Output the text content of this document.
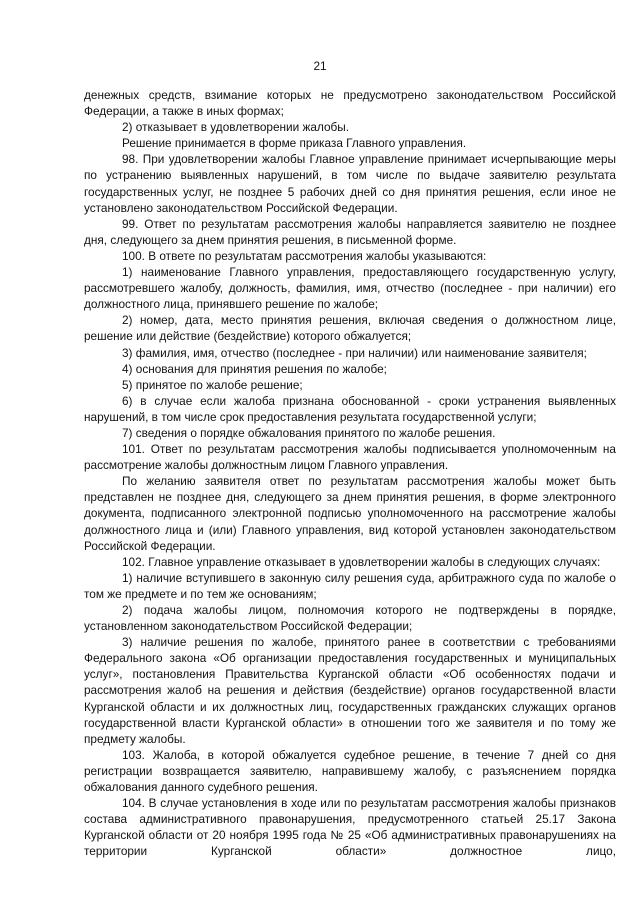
21

денежных средств, взимание которых не предусмотрено законодательством Российской Федерации, а также в иных формах;

2) отказывает в удовлетворении жалобы.

Решение принимается в форме приказа Главного управления.

98. При удовлетворении жалобы Главное управление принимает исчерпывающие меры по устранению выявленных нарушений, в том числе по выдаче заявителю результата государственных услуг, не позднее 5 рабочих дней со дня принятия решения, если иное не установлено законодательством Российской Федерации.

99. Ответ по результатам рассмотрения жалобы направляется заявителю не позднее дня, следующего за днем принятия решения, в письменной форме.

100. В ответе по результатам рассмотрения жалобы указываются:

1) наименование Главного управления, предоставляющего государственную услугу, рассмотревшего жалобу, должность, фамилия, имя, отчество (последнее - при наличии) его должностного лица, принявшего решение по жалобе;

2) номер, дата, место принятия решения, включая сведения о должностном лице, решение или действие (бездействие) которого обжалуется;

3) фамилия, имя, отчество (последнее - при наличии) или наименование заявителя;

4) основания для принятия решения по жалобе;

5) принятое по жалобе решение;

6) в случае если жалоба признана обоснованной - сроки устранения выявленных нарушений, в том числе срок предоставления результата государственной услуги;

7) сведения о порядке обжалования принятого по жалобе решения.

101. Ответ по результатам рассмотрения жалобы подписывается уполномоченным на рассмотрение жалобы должностным лицом Главного управления.

По желанию заявителя ответ по результатам рассмотрения жалобы может быть представлен не позднее дня, следующего за днем принятия решения, в форме электронного документа, подписанного электронной подписью уполномоченного на рассмотрение жалобы должностного лица и (или) Главного управления, вид которой установлен законодательством Российской Федерации.

102. Главное управление отказывает в удовлетворении жалобы в следующих случаях:

1) наличие вступившего в законную силу решения суда, арбитражного суда по жалобе о том же предмете и по тем же основаниям;

2) подача жалобы лицом, полномочия которого не подтверждены в порядке, установленном законодательством Российской Федерации;

3) наличие решения по жалобе, принятого ранее в соответствии с требованиями Федерального закона «Об организации предоставления государственных и муниципальных услуг», постановления Правительства Курганской области «Об особенностях подачи и рассмотрения жалоб на решения и действия (бездействие) органов государственной власти Курганской области и их должностных лиц, государственных гражданских служащих органов государственной власти Курганской области» в отношении того же заявителя и по тому же предмету жалобы.

103. Жалоба, в которой обжалуется судебное решение, в течение 7 дней со дня регистрации возвращается заявителю, направившему жалобу, с разъяснением порядка обжалования данного судебного решения.

104. В случае установления в ходе или по результатам рассмотрения жалобы признаков состава административного правонарушения, предусмотренного статьей 25.17 Закона Курганской области от 20 ноября 1995 года № 25 «Об административных правонарушениях на территории Курганской области» должностное лицо,
